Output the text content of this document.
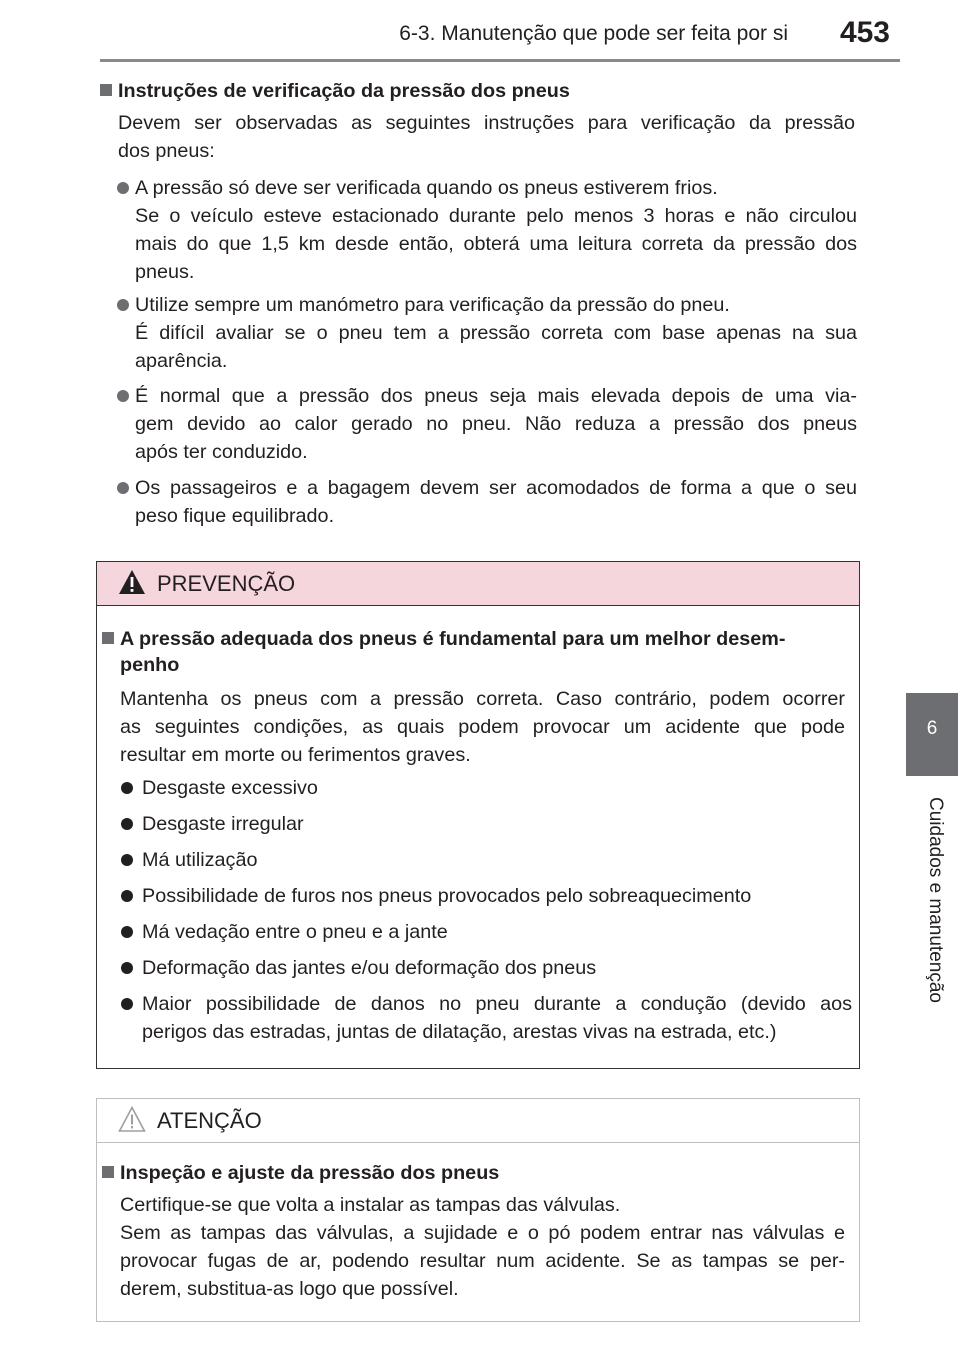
6-3. Manutenção que pode ser feita por si	453
6
Cuidados e manutenção
Instruções de verificação da pressão dos pneus
Devem ser observadas as seguintes instruções para verificação da pressão
dos pneus:
A pressão só deve ser verificada quando os pneus estiverem frios.
Se o veículo esteve estacionado durante pelo menos 3 horas e não circulou
mais do que 1,5 km desde então, obterá uma leitura correta da pressão dos
pneus.
Utilize sempre um manómetro para verificação da pressão do pneu.
É difícil avaliar se o pneu tem a pressão correta com base apenas na sua
aparência.
É normal que a pressão dos pneus seja mais elevada depois de uma via-
gem devido ao calor gerado no pneu. Não reduza a pressão dos pneus
após ter conduzido.
Os passageiros e a bagagem devem ser acomodados de forma a que o seu
peso fique equilibrado.
PREVENÇÃO
A pressão adequada dos pneus é fundamental para um melhor desem-
penho
Mantenha os pneus com a pressão correta. Caso contrário, podem ocorrer
as seguintes condições, as quais podem provocar um acidente que pode
resultar em morte ou ferimentos graves.
Desgaste excessivo
Desgaste irregular
Má utilização
Possibilidade de furos nos pneus provocados pelo sobreaquecimento
Má vedação entre o pneu e a jante
Deformação das jantes e/ou deformação dos pneus
Maior possibilidade de danos no pneu durante a condução (devido aos
perigos das estradas, juntas de dilatação, arestas vivas na estrada, etc.)
ATENÇÃO
Inspeção e ajuste da pressão dos pneus
Certifique-se que volta a instalar as tampas das válvulas.
Sem as tampas das válvulas, a sujidade e o pó podem entrar nas válvulas e
provocar fugas de ar, podendo resultar num acidente. Se as tampas se per-
derem, substitua-as logo que possível.
